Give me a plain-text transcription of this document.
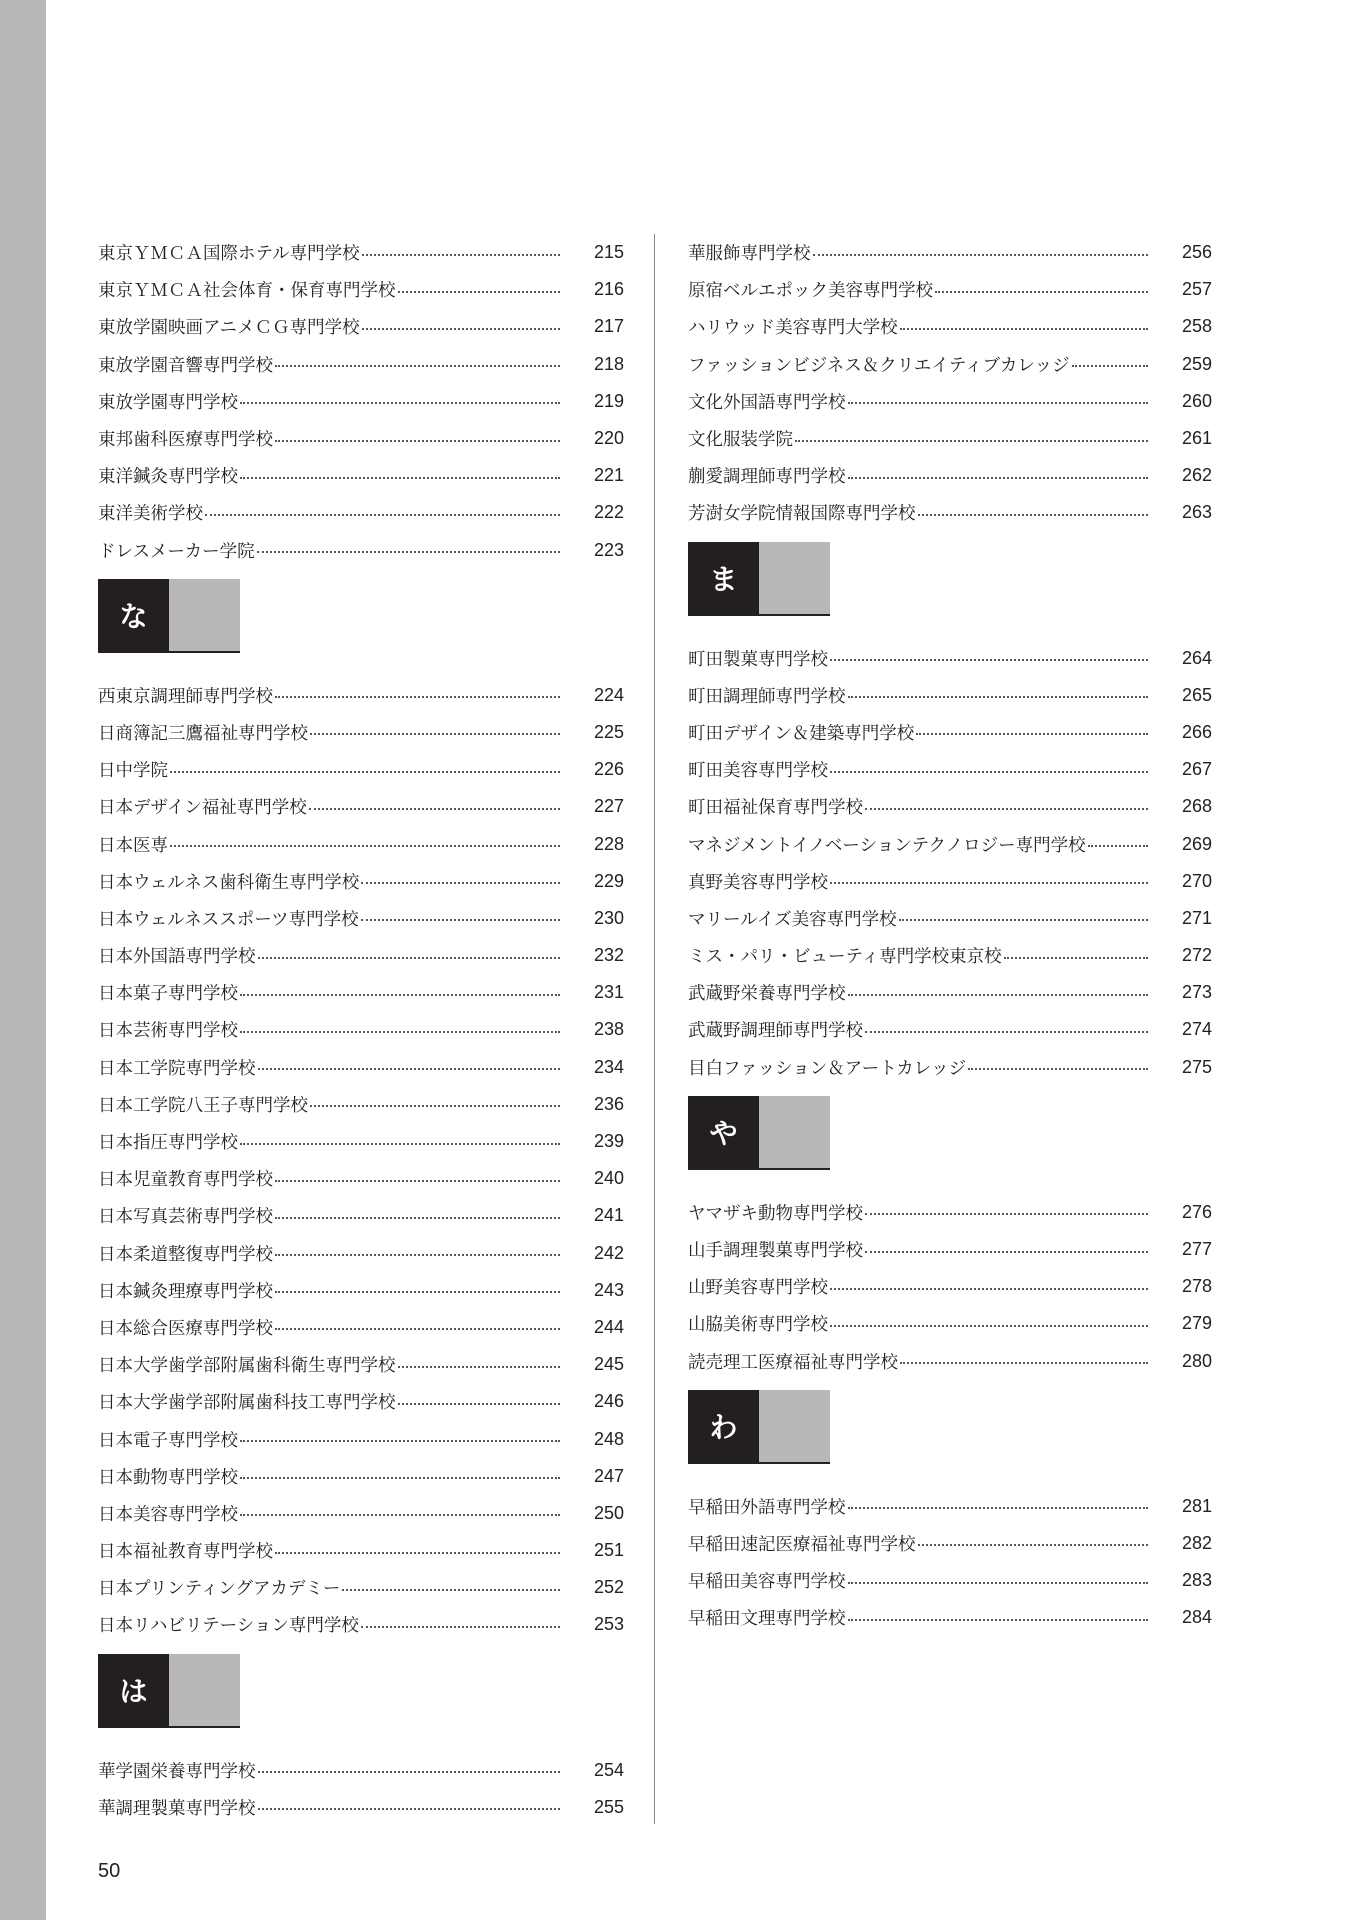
東京ＹＭＣＡ国際ホテル専門学校	215
東京ＹＭＣＡ社会体育・保育専門学校	216
東放学園映画アニメＣＧ専門学校	217
東放学園音響専門学校	218
東放学園専門学校	219
東邦歯科医療専門学校	220
東洋鍼灸専門学校	221
東洋美術学校	222
ドレスメーカー学院	223
な
西東京調理師専門学校	224
日商簿記三鷹福祉専門学校	225
日中学院	226
日本デザイン福祉専門学校	227
日本医専	228
日本ウェルネス歯科衛生専門学校	229
日本ウェルネススポーツ専門学校	230
日本外国語専門学校	232
日本菓子専門学校	231
日本芸術専門学校	238
日本工学院専門学校	234
日本工学院八王子専門学校	236
日本指圧専門学校	239
日本児童教育専門学校	240
日本写真芸術専門学校	241
日本柔道整復専門学校	242
日本鍼灸理療専門学校	243
日本総合医療専門学校	244
日本大学歯学部附属歯科衛生専門学校	245
日本大学歯学部附属歯科技工専門学校	246
日本電子専門学校	248
日本動物専門学校	247
日本美容専門学校	250
日本福祉教育専門学校	251
日本プリンティングアカデミー	252
日本リハビリテーション専門学校	253
は
華学園栄養専門学校	254
華調理製菓専門学校	255
華服飾専門学校	256
原宿ベルエポック美容専門学校	257
ハリウッド美容専門大学校	258
ファッションビジネス＆クリエイティブカレッジ	259
文化外国語専門学校	260
文化服装学院	261
蒯愛調理師専門学校	262
芳澍女学院情報国際専門学校	263
ま
町田製菓専門学校	264
町田調理師専門学校	265
町田デザイン＆建築専門学校	266
町田美容専門学校	267
町田福祉保育専門学校	268
マネジメントイノベーションテクノロジー専門学校	269
真野美容専門学校	270
マリールイズ美容専門学校	271
ミス・パリ・ビューティ専門学校東京校	272
武蔵野栄養専門学校	273
武蔵野調理師専門学校	274
目白ファッション＆アートカレッジ	275
や
ヤマザキ動物専門学校	276
山手調理製菓専門学校	277
山野美容専門学校	278
山脇美術専門学校	279
読売理工医療福祉専門学校	280
わ
早稲田外語専門学校	281
早稲田速記医療福祉専門学校	282
早稲田美容専門学校	283
早稲田文理専門学校	284
50
